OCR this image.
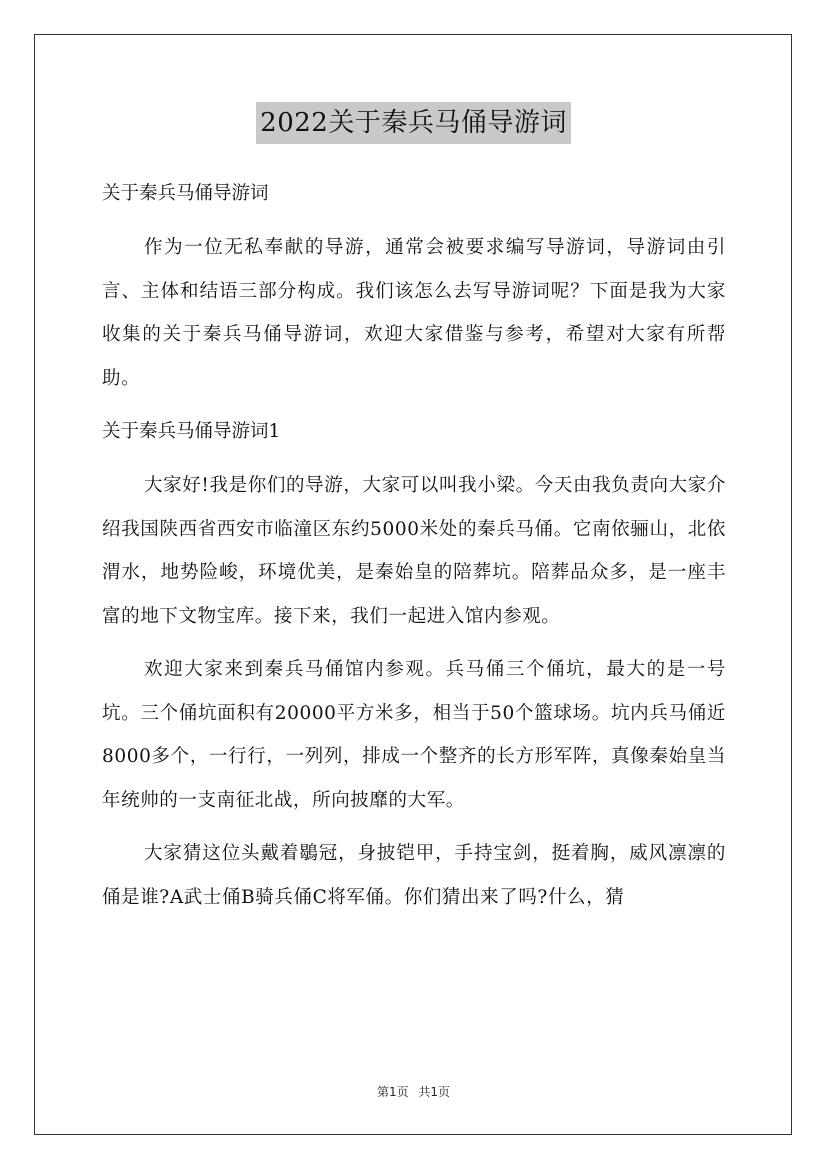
2022关于秦兵马俑导游词

关于秦兵马俑导游词

作为一位无私奉献的导游，通常会被要求编写导游词，导游词由引言、主体和结语三部分构成。我们该怎么去写导游词呢？下面是我为大家收集的关于秦兵马俑导游词，欢迎大家借鉴与参考，希望对大家有所帮助。

关于秦兵马俑导游词1

大家好!我是你们的导游，大家可以叫我小梁。今天由我负责向大家介绍我国陕西省西安市临潼区东约5000米处的秦兵马俑。它南依骊山，北依渭水，地势险峻，环境优美，是秦始皇的陪葬坑。陪葬品众多，是一座丰富的地下文物宝库。接下来，我们一起进入馆内参观。

欢迎大家来到秦兵马俑馆内参观。兵马俑三个俑坑，最大的是一号坑。三个俑坑面积有20000平方米多，相当于50个篮球场。坑内兵马俑近8000多个，一行行，一列列，排成一个整齐的长方形军阵，真像秦始皇当年统帅的一支南征北战，所向披靡的大军。

大家猜这位头戴着鶡冠，身披铠甲，手持宝剑，挺着胸，威风凛凛的俑是谁?A武士俑B骑兵俑C将军俑。你们猜出来了吗?什么，猜

第1页 共1页
